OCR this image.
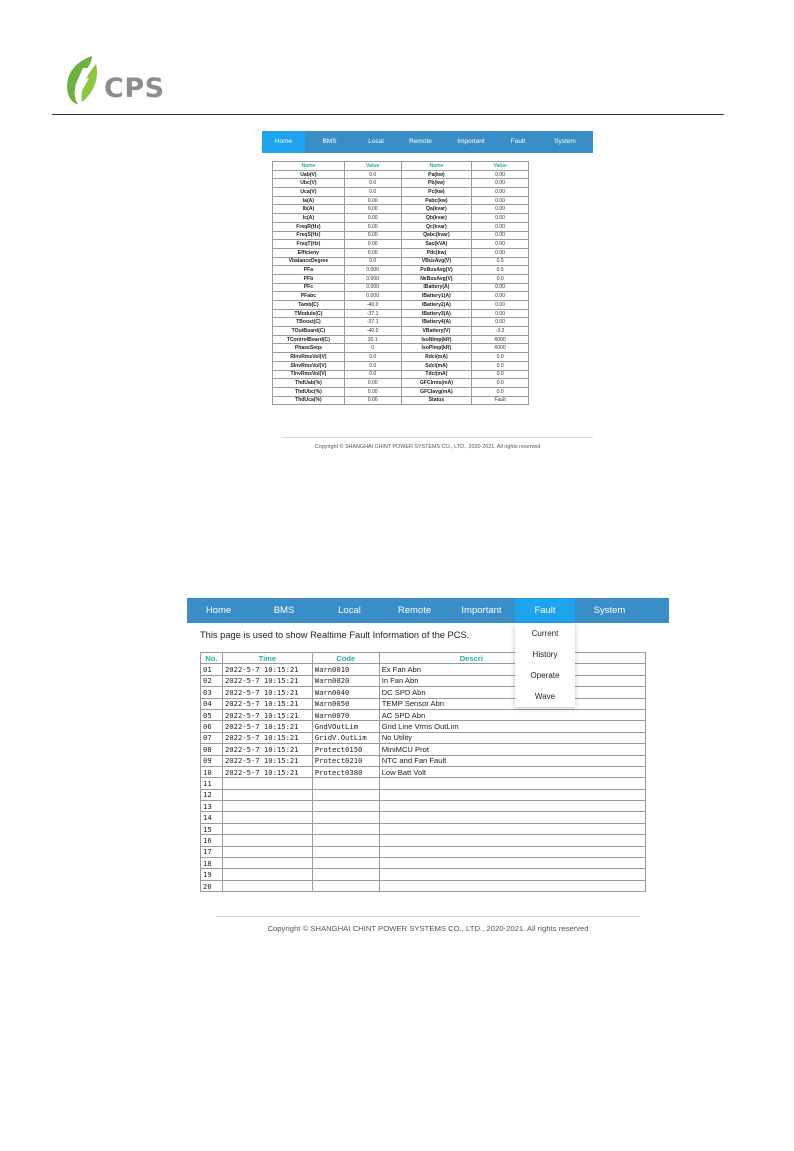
CPS
Home	BMS	Local	Remote	Important	Fault	System
Name	Value	Name	Value
Uab(V)	0.0	Pa(kw)	0.00
Ubc(V)	0.0	Pb(kw)	0.00
Uca(V)	0.0	Pc(kw)	0.00
Ia(A)	0.00	Pabc(kw)	0.00
Ib(A)	0.00	Qa(kvar)	0.00
Ic(A)	0.00	Qb(kvar)	0.00
FreqR(Hz)	0.00	Qc(kvar)	0.00
FreqS(Hz)	0.00	Qabc(kvar)	0.00
FreqT(Hz)	0.00	Sac(kVA)	0.00
Efficieny	0.00	Pdc(kw)	0.00
VbalanceDegree	0.0	VBusAvg(V)	0.5
PFa	0.000	PoBusAvg(V)	0.5
PFb	0.000	NeBusAvg(V)	0.0
PFc	0.000	IBattery(A)	0.00
PFabc	0.000	IBattery1(A)	0.00
Tamb(C)	-40.0	IBattery2(A)	0.00
TModule(C)	-37.1	IBattery3(A)	0.00
TBoost(C)	-37.1	IBattery4(A)	0.00
TOutBoard(C)	-40.0	VBattery(V)	-3.2
TControlBoard(C)	30.1	IsoNImp(kR)	6000
PhaseSeqs	0	IsoPImp(kR)	6000
RInvRmsVol(V)	0.0	Rdci(mA)	0.0
SInvRmsVol(V)	0.0	Sdci(mA)	0.0
TInvRmsVol(V)	0.0	Tdci(mA)	0.0
ThdUab(%)	0.00	GFCIrms(mA)	0.0
ThdUbc(%)	0.00	GFCIavg(mA)	0.0
ThdUca(%)	0.00	Status	Fault
Copyright © SHANGHAI CHINT POWER SYSTEMS CO., LTD., 2020-2021. All rights reserved
Home	BMS	Local	Remote	Important	Fault	System
This page is used to show Realtime Fault Information of the PCS.
No.	Time	Code	Descri
01	2022-5-7 10:15:21	Warn0010	Ex Fan Abn
02	2022-5-7 10:15:21	Warn0020	In Fan Abn
03	2022-5-7 10:15:21	Warn0040	DC SPD Abn
04	2022-5-7 10:15:21	Warn0050	TEMP Sensor Abn
05	2022-5-7 10:15:21	Warn0070	AC SPD Abn
06	2022-5-7 10:15:21	GndVOutLim	Grid Line Vrms OutLim
07	2022-5-7 10:15:21	GridV.OutLim	No Utility
08	2022-5-7 10:15:21	Protect0150	MiniMCU Prot
09	2022-5-7 10:15:21	Protect0210	NTC and Fan Fault
10	2022-5-7 10:15:21	Protect0380	Low Batt Volt
11			
12			
13			
14			
15			
16			
17			
18			
19			
20			
Current
History
Operate
Wave
Copyright © SHANGHAI CHINT POWER SYSTEMS CO., LTD., 2020-2021. All rights reserved
